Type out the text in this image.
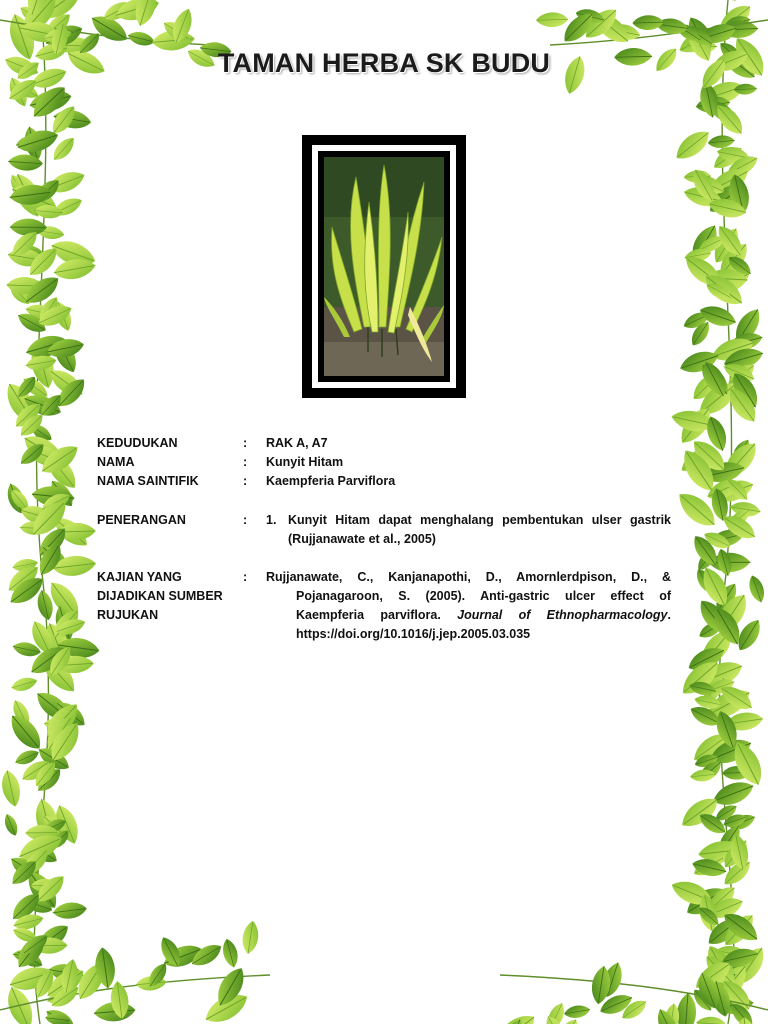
TAMAN HERBA SK BUDU
KEDUDUKAN	: RAK A, A7
NAMA	: Kunyit Hitam
NAMA SAINTIFIK	: Kaempferia Parviflora
PENERANGAN	: 1. Kunyit Hitam dapat menghalang pembentukan ulser gastrik
(Rujjanawate et al., 2005)
KAJIAN YANG	: Rujjanawate, C., Kanjanapothi, D., Amornlerdpison, D., &
DIJADIKAN SUMBER	Pojanagaroon, S. (2005). Anti-gastric ulcer effect of
RUJUKAN	Kaempferia parviflora. Journal of Ethnopharmacology.
https://doi.org/10.1016/j.jep.2005.03.035
